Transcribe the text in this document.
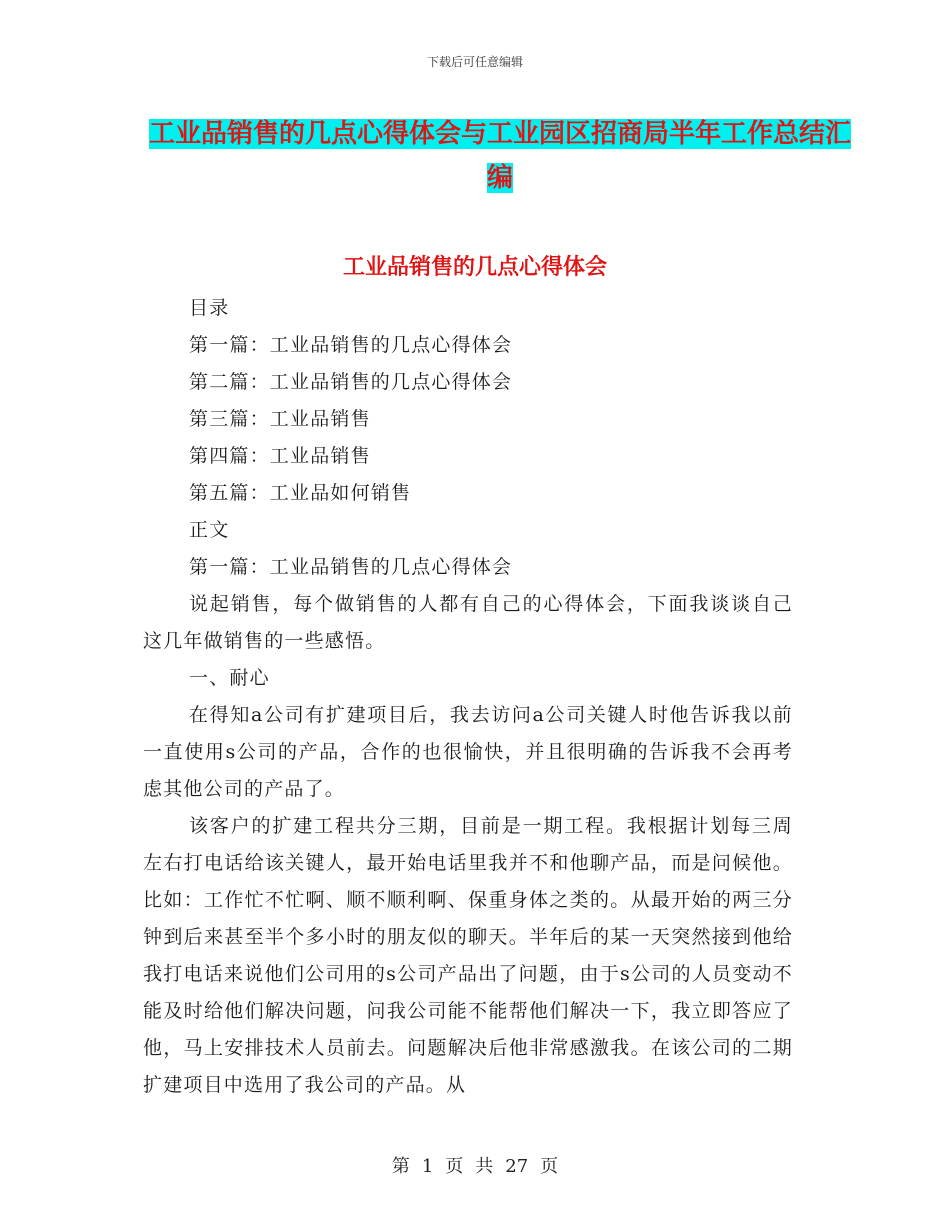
下载后可任意编辑
工业品销售的几点心得体会与工业园区招商局半年工作总结汇编
工业品销售的几点心得体会

目录

第一篇：工业品销售的几点心得体会

第二篇：工业品销售的几点心得体会

第三篇：工业品销售

第四篇：工业品销售

第五篇：工业品如何销售

正文

第一篇：工业品销售的几点心得体会

说起销售，每个做销售的人都有自己的心得体会，下面我谈谈自己这几年做销售的一些感悟。

一、耐心

在得知a公司有扩建项目后，我去访问a公司关键人时他告诉我以前一直使用s公司的产品，合作的也很愉快，并且很明确的告诉我不会再考虑其他公司的产品了。

该客户的扩建工程共分三期，目前是一期工程。我根据计划每三周左右打电话给该关键人，最开始电话里我并不和他聊产品，而是问候他。比如：工作忙不忙啊、顺不顺利啊、保重身体之类的。从最开始的两三分钟到后来甚至半个多小时的朋友似的聊天。半年后的某一天突然接到他给我打电话来说他们公司用的s公司产品出了问题，由于s公司的人员变动不能及时给他们解决问题，问我公司能不能帮他们解决一下，我立即答应了他，马上安排技术人员前去。问题解决后他非常感激我。在该公司的二期扩建项目中选用了我公司的产品。从

第 1 页 共 27 页
